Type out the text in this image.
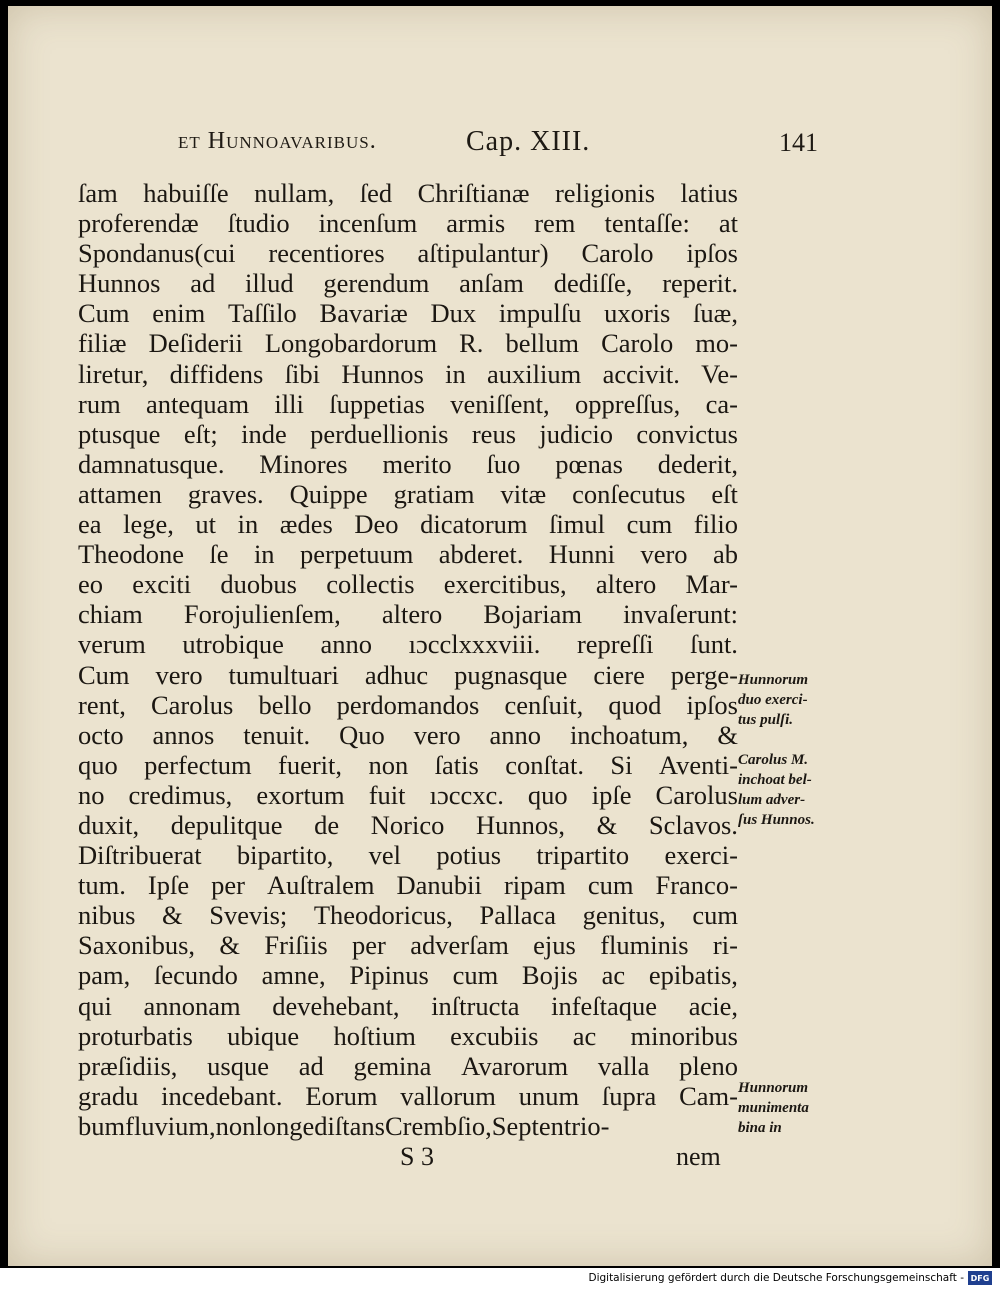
et Hunnoavaribus.	Cap. XIII.	141
ſam habuiſſe nullam, ſed Chriſtianæ religionis latius
proferendæ ſtudio incenſum armis rem tentaſſe: at
Spondanus(cui recentiores aſtipulantur) Carolo ipſos
Hunnos ad illud gerendum anſam dediſſe, reperit.
Cum enim Taſſilo Bavariæ Dux impulſu uxoris ſuæ,
filiæ Deſiderii Longobardorum R. bellum Carolo mo-
liretur, diffidens ſibi Hunnos in auxilium accivit. Ve-
rum antequam illi ſuppetias veniſſent, oppreſſus, ca-
ptusque eſt; inde perduellionis reus judicio convictus
damnatusque. Minores merito ſuo pœnas dederit,
attamen graves. Quippe gratiam vitæ conſecutus eſt
ea lege, ut in ædes Deo dicatorum ſimul cum filio
Theodone ſe in perpetuum abderet. Hunni vero ab
eo exciti duobus collectis exercitibus, altero Mar-
chiam Forojulienſem, altero Bojariam invaſerunt:
verum utrobique anno ıɔcclxxxviii. repreſſi ſunt.
Cum vero tumultuari adhuc pugnasque ciere perge-
rent, Carolus bello perdomandos cenſuit, quod ipſos
octo annos tenuit. Quo vero anno inchoatum, &
quo perfectum fuerit, non ſatis conſtat. Si Aventi-
no credimus, exortum fuit ıɔccxc. quo ipſe Carolus
duxit, depulitque de Norico Hunnos, & Sclavos.
Diſtribuerat bipartito, vel potius tripartito exerci-
tum. Ipſe per Auſtralem Danubii ripam cum Franco-
nibus & Svevis; Theodoricus, Pallaca genitus, cum
Saxonibus, & Friſiis per adverſam ejus fluminis ri-
pam, ſecundo amne, Pipinus cum Bojis ac epibatis,
qui annonam devehebant, inſtructa infeſtaque acie,
proturbatis ubique hoſtium excubiis ac minoribus
præſidiis, usque ad gemina Avarorum valla pleno
gradu incedebant. Eorum vallorum unum ſupra Cam-
bum fluvium, non longe diſtans Crembſio, Septentrio-
Hunnorum
duo exerci-
tus pulſi.
Carolus M.
inchoat bel-
lum adver-
ſus Hunnos.
Hunnorum
munimenta
bina in
S 3	nem
Digitalisierung gefördert durch die Deutsche Forschungsgemeinschaft - DFG
